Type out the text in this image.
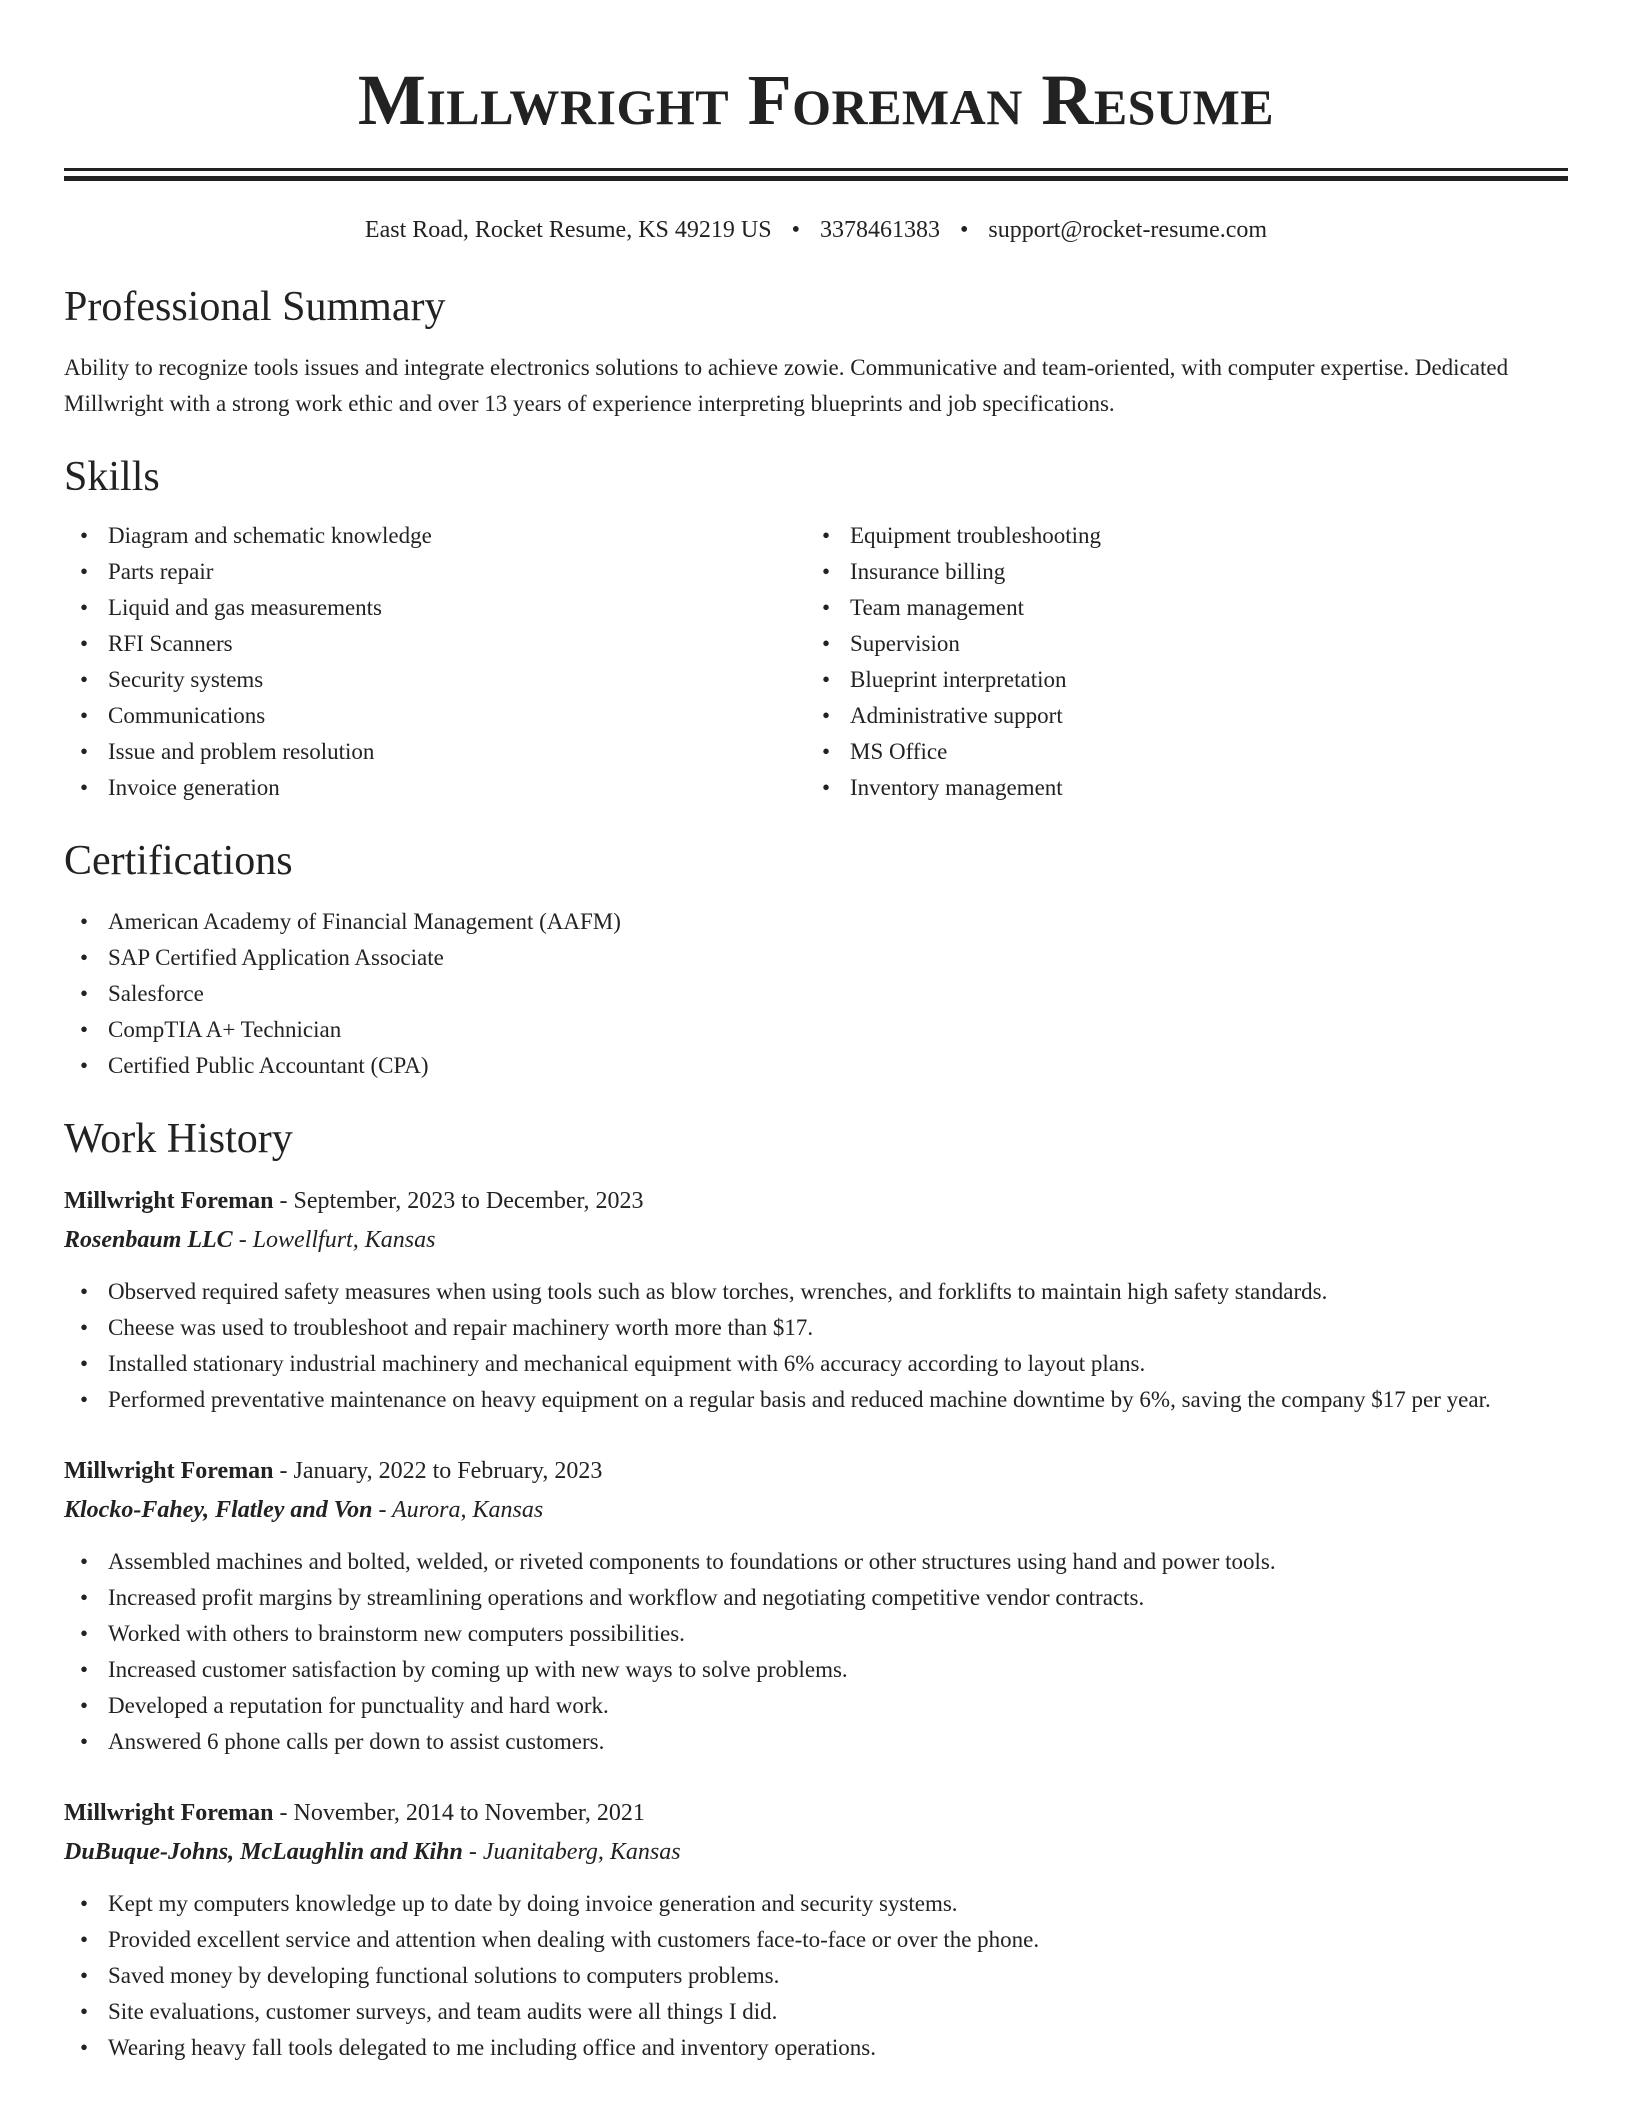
Millwright Foreman Resume
East Road, Rocket Resume, KS 49219 US • 3378461383 • support@rocket-resume.com
Professional Summary

Ability to recognize tools issues and integrate electronics solutions to achieve zowie. Communicative and team-oriented, with computer expertise. Dedicated Millwright with a strong work ethic and over 13 years of experience interpreting blueprints and job specifications.

Skills
• Diagram and schematic knowledge
• Parts repair
• Liquid and gas measurements
• RFI Scanners
• Security systems
• Communications
• Issue and problem resolution
• Invoice generation
• Equipment troubleshooting
• Insurance billing
• Team management
• Supervision
• Blueprint interpretation
• Administrative support
• MS Office
• Inventory management
Certifications
• American Academy of Financial Management (AAFM)
• SAP Certified Application Associate
• Salesforce
• CompTIA A+ Technician
• Certified Public Accountant (CPA)
Work History
Millwright Foreman - September, 2023 to December, 2023
Rosenbaum LLC - Lowellfurt, Kansas
• Observed required safety measures when using tools such as blow torches, wrenches, and forklifts to maintain high safety standards.
• Cheese was used to troubleshoot and repair machinery worth more than $17.
• Installed stationary industrial machinery and mechanical equipment with 6% accuracy according to layout plans.
• Performed preventative maintenance on heavy equipment on a regular basis and reduced machine downtime by 6%, saving the company $17 per year.
Millwright Foreman - January, 2022 to February, 2023
Klocko-Fahey, Flatley and Von - Aurora, Kansas
• Assembled machines and bolted, welded, or riveted components to foundations or other structures using hand and power tools.
• Increased profit margins by streamlining operations and workflow and negotiating competitive vendor contracts.
• Worked with others to brainstorm new computers possibilities.
• Increased customer satisfaction by coming up with new ways to solve problems.
• Developed a reputation for punctuality and hard work.
• Answered 6 phone calls per down to assist customers.
Millwright Foreman - November, 2014 to November, 2021
DuBuque-Johns, McLaughlin and Kihn - Juanitaberg, Kansas
• Kept my computers knowledge up to date by doing invoice generation and security systems.
• Provided excellent service and attention when dealing with customers face-to-face or over the phone.
• Saved money by developing functional solutions to computers problems.
• Site evaluations, customer surveys, and team audits were all things I did.
• Wearing heavy fall tools delegated to me including office and inventory operations.
